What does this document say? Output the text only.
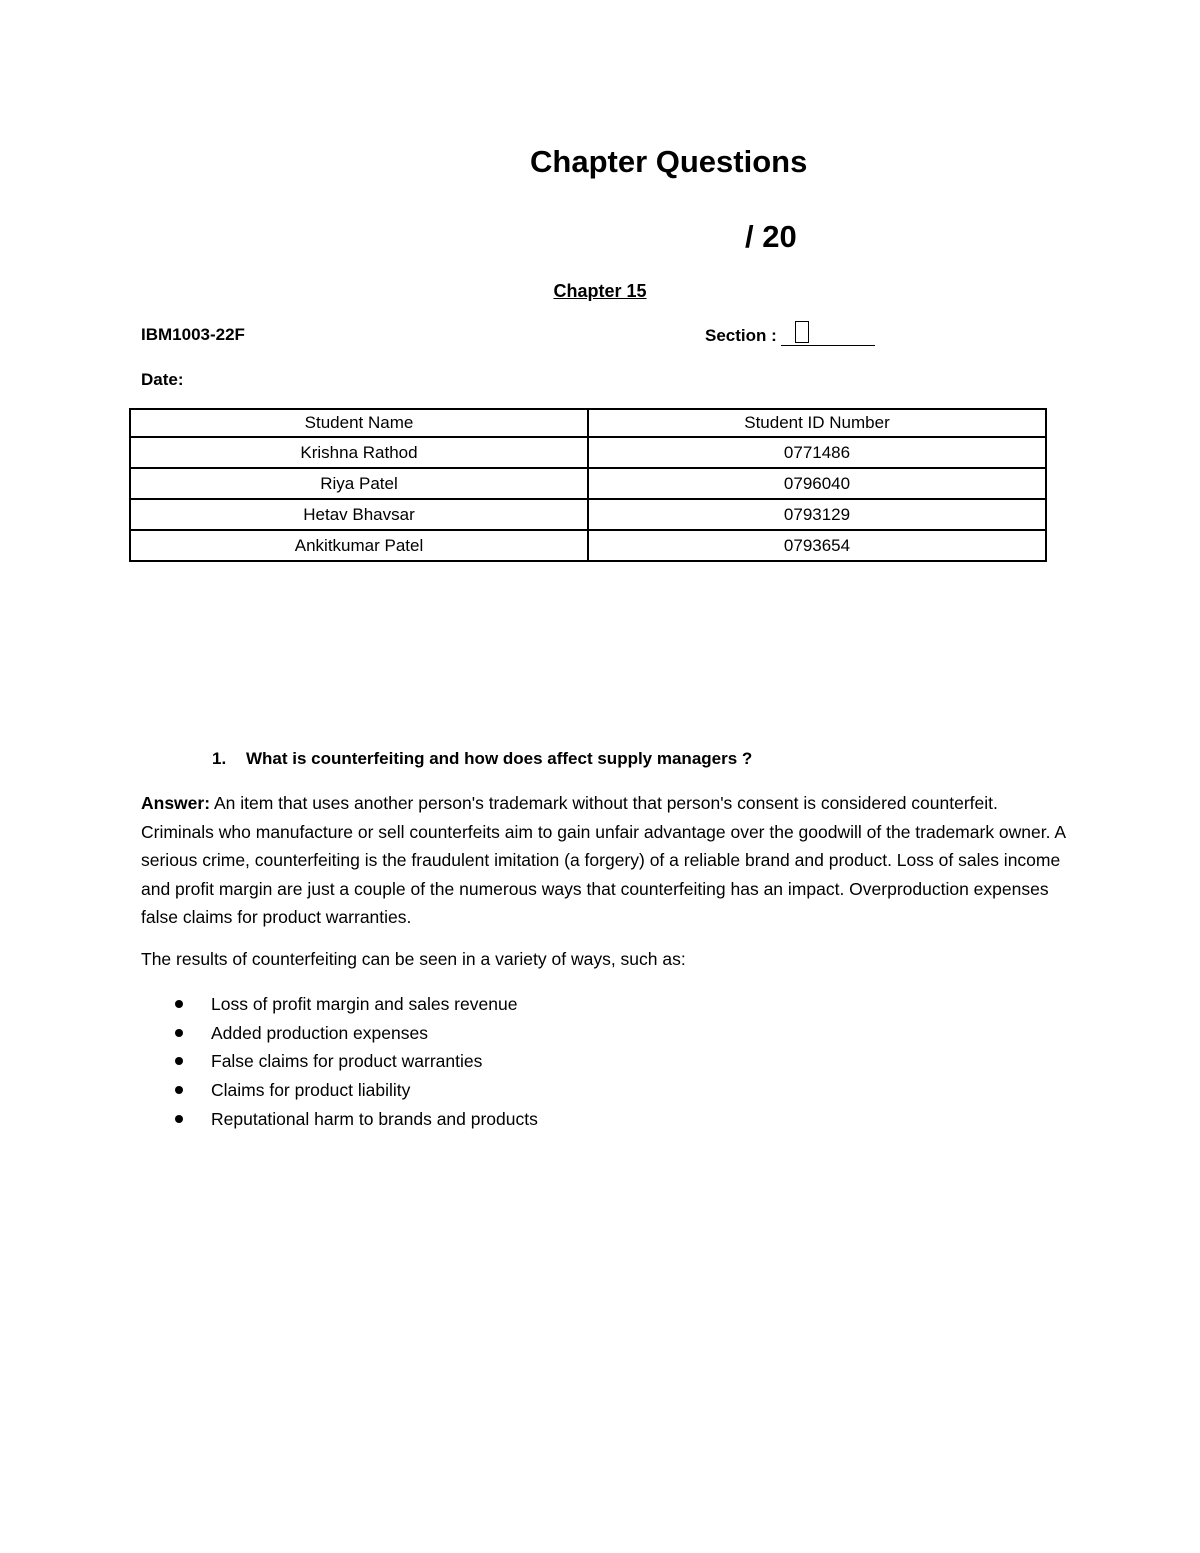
Chapter Questions
/ 20
Chapter 15
IBM1003-22F	Section :
Date:
Student Name	Student ID Number
Krishna Rathod	0771486
Riya Patel	0796040
Hetav Bhavsar	0793129
Ankitkumar Patel	0793654
1. What is counterfeiting and how does affect supply managers ?
Answer: An item that uses another person's trademark without that person's consent is considered counterfeit. Criminals who manufacture or sell counterfeits aim to gain unfair advantage over the goodwill of the trademark owner. A serious crime, counterfeiting is the fraudulent imitation (a forgery) of a reliable brand and product. Loss of sales income and profit margin are just a couple of the numerous ways that counterfeiting has an impact. Overproduction expenses false claims for product warranties.
The results of counterfeiting can be seen in a variety of ways, such as:
Loss of profit margin and sales revenue
Added production expenses
False claims for product warranties
Claims for product liability
Reputational harm to brands and products
